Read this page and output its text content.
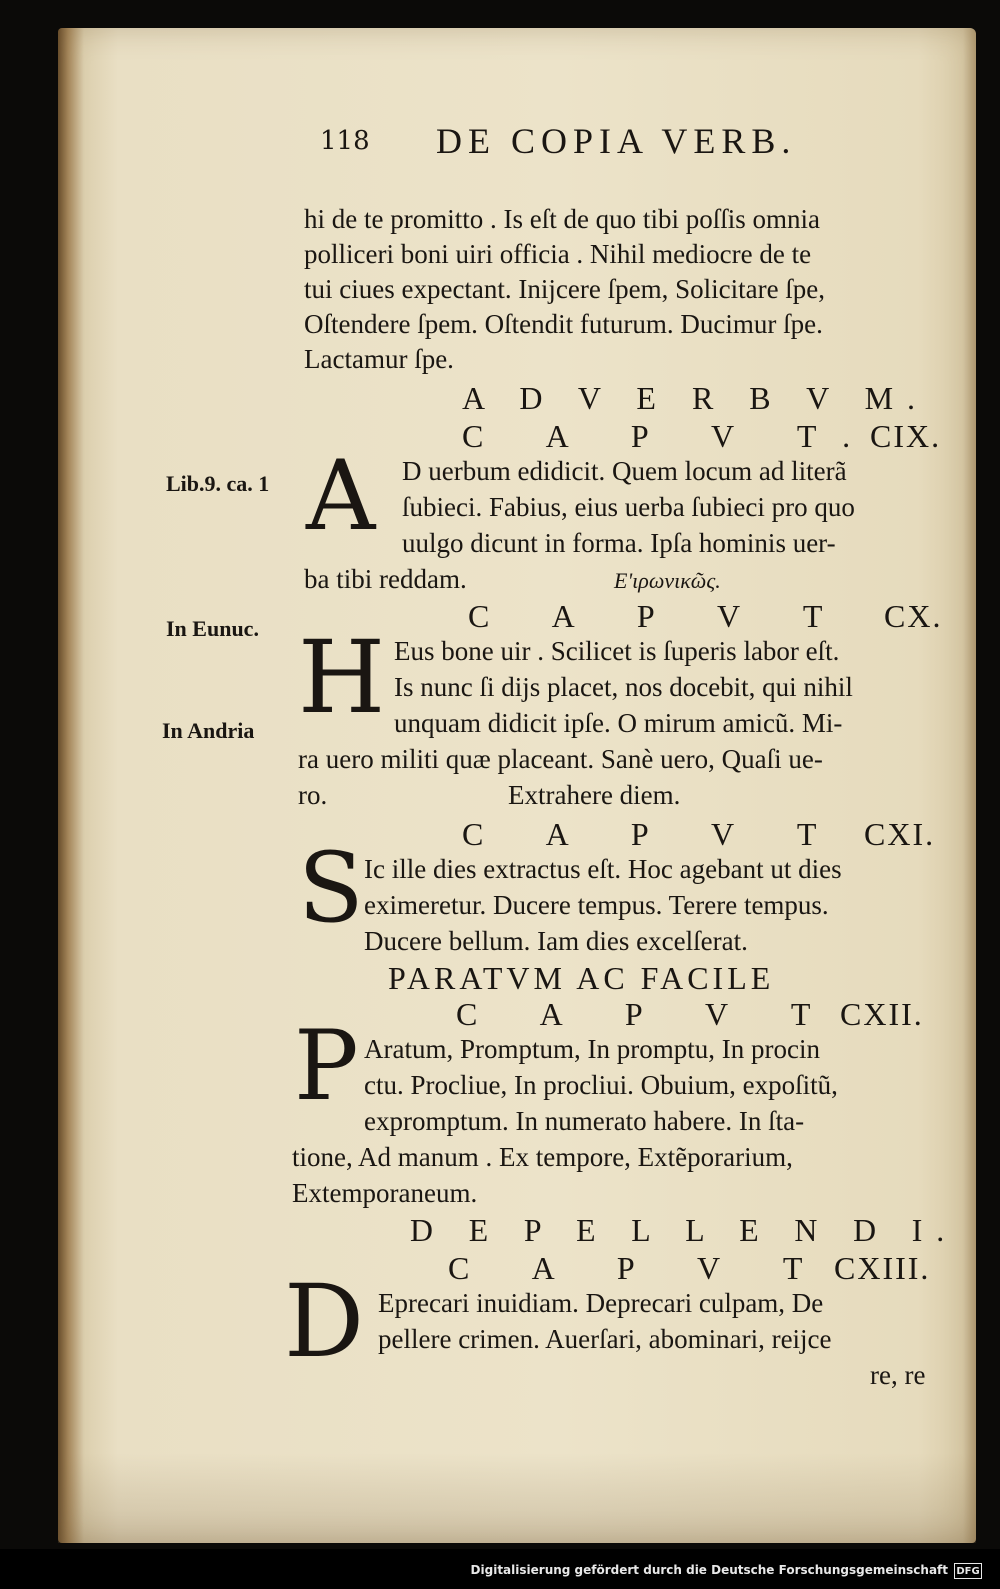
118 DE COPIA VERB.
hi de te promitto . Is eſt de quo tibi poſſis omnia
polliceri boni uiri officia . Nihil mediocre de te
tui ciues expectant. Inijcere ſpem, Solicitare ſpe,
Oſtendere ſpem. Oſtendit futurum. Ducimur ſpe.
Lactamur ſpe.
A D V E R B V M.
C A P V T.
CIX.
Lib.9. ca. 1 A D uerbum edidicit. Quem locum ad literã
ſubieci. Fabius, eius uerba ſubieci pro quo
uulgo dicunt in forma. Ipſa hominis uer-
ba tibi reddam.	Ε'ιρωνικῶς.
C A P V T CX.
In Eunuc.
In Andria H Eus bone uir . Scilicet is ſuperis labor eſt.
Is nunc ſi dijs placet, nos docebit, qui nihil
unquam didicit ipſe. O mirum amicũ. Mi-
ra uero militi quæ placeant. Sanè uero, Quaſi ue-
ro.	Extrahere diem.
C A P V T CXI.
S Ic ille dies extractus eſt. Hoc agebant ut dies
eximeretur. Ducere tempus. Terere tempus.
Ducere bellum. Iam dies excelſerat.
PARATVM AC FACILE
C A P V T CXII.
P Aratum, Promptum, In promptu, In procin
ctu. Procliue, In procliui. Obuium, expoſitũ,
expromptum. In numerato habere. In ſta-
tione, Ad manum . Ex tempore, Extẽporarium,
Extemporaneum.
D E P E L L E N D I.
C A P V T CXIII.
D Eprecari inuidiam. Deprecari culpam, De
pellere crimen. Auerſari, abominari, reijce
re, re
Digitalisierung gefördert durch die Deutsche Forschungsgemeinschaft DFG
